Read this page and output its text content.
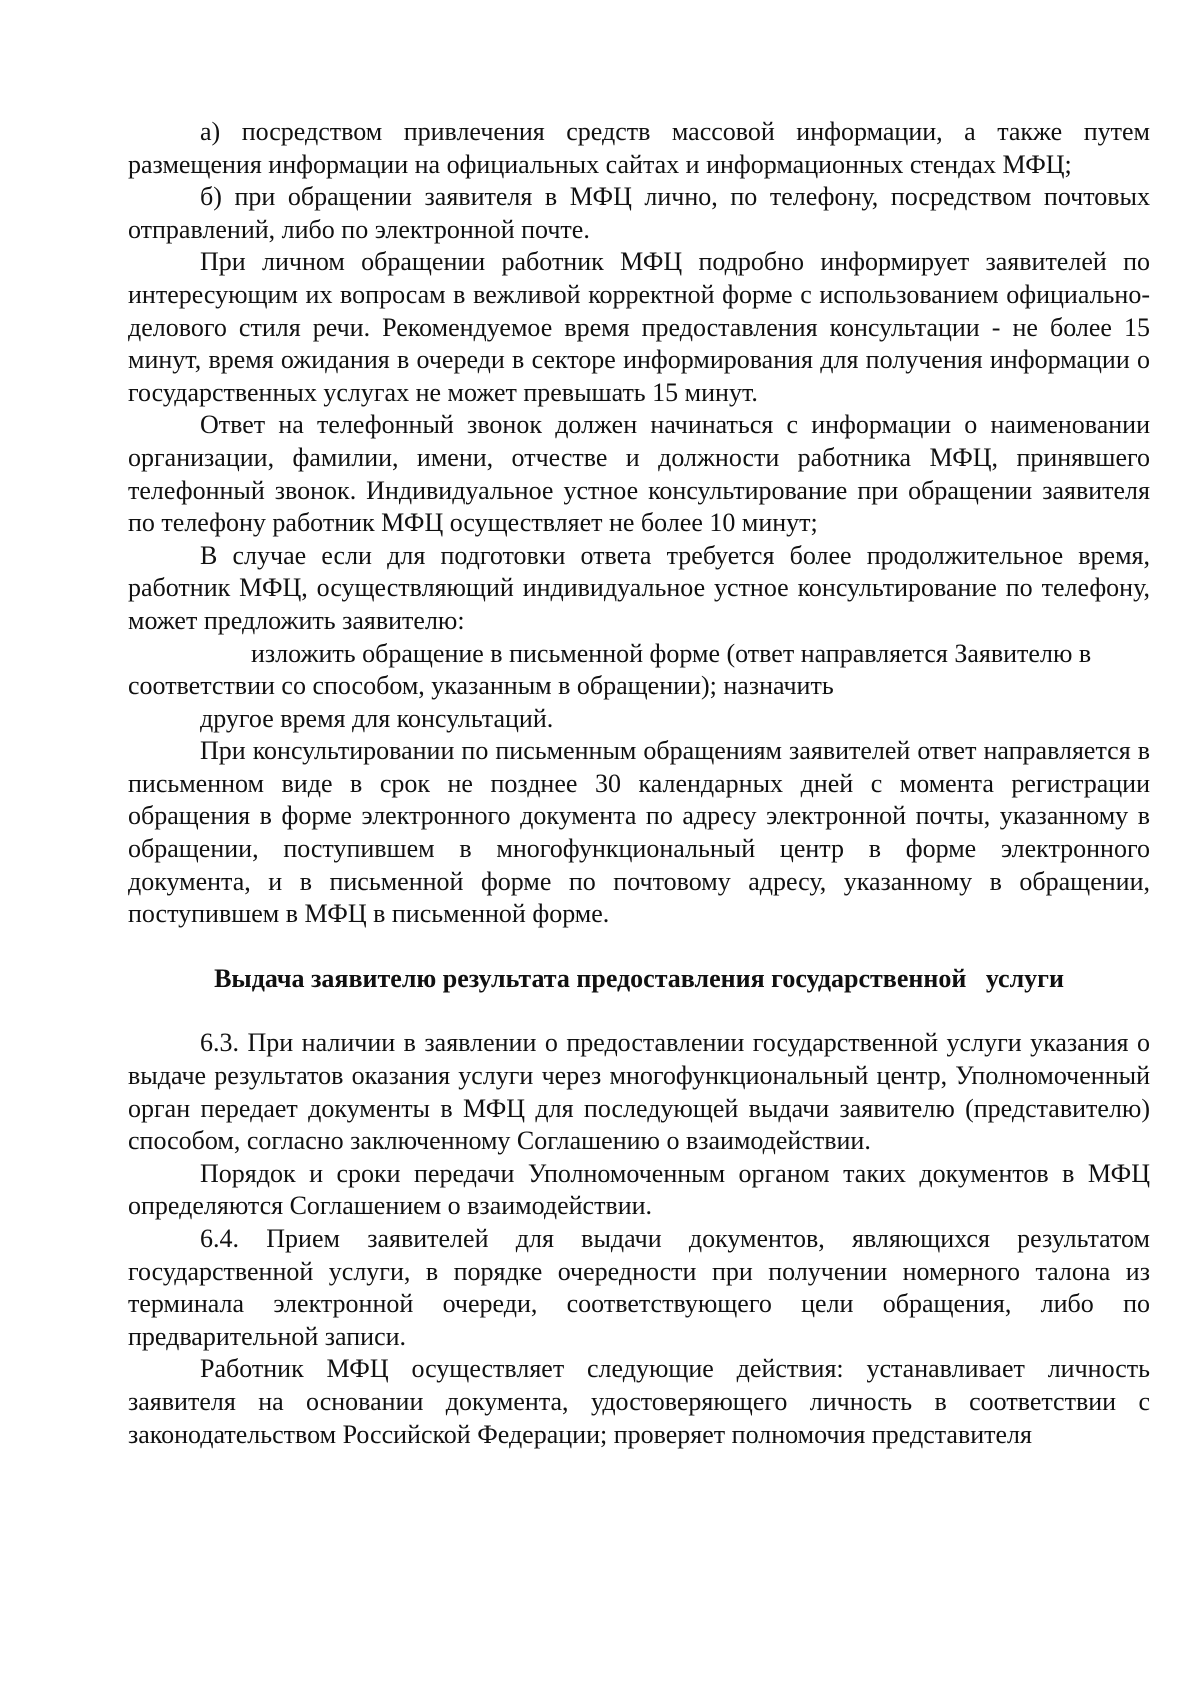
а) посредством привлечения средств массовой информации, а также путем размещения информации на официальных сайтах и информационных стендах МФЦ;

б) при обращении заявителя в МФЦ лично, по телефону, посредством почтовых отправлений, либо по электронной почте.

При личном обращении работник МФЦ подробно информирует заявителей по интересующим их вопросам в вежливой корректной форме с использованием официально-делового стиля речи. Рекомендуемое время предоставления консультации - не более 15 минут, время ожидания в очереди в секторе информирования для получения информации о государственных услугах не может превышать 15 минут.

Ответ на телефонный звонок должен начинаться с информации о наименовании организации, фамилии, имени, отчестве и должности работника МФЦ, принявшего телефонный звонок. Индивидуальное устное консультирование при обращении заявителя по телефону работник МФЦ осуществляет не более 10 минут;

В случае если для подготовки ответа требуется более продолжительное время, работник МФЦ, осуществляющий индивидуальное устное консультирование по телефону, может предложить заявителю:

изложить обращение в письменной форме (ответ направляется Заявителю в соответствии со способом, указанным в обращении); назначить

другое время для консультаций.

При консультировании по письменным обращениям заявителей ответ направляется в письменном виде в срок не позднее 30 календарных дней с момента регистрации обращения в форме электронного документа по адресу электронной почты, указанному в обращении, поступившем в многофункциональный центр в форме электронного документа, и в письменной форме по почтовому адресу, указанному в обращении, поступившем в МФЦ в письменной форме.

Выдача заявителю результата предоставления государственной   услуги

6.3. При наличии в заявлении о предоставлении государственной услуги указания о выдаче результатов оказания услуги через многофункциональный центр, Уполномоченный орган передает документы в МФЦ для последующей выдачи заявителю (представителю) способом, согласно заключенному Соглашению о взаимодействии.

Порядок и сроки передачи Уполномоченным органом таких документов в МФЦ определяются Соглашением о взаимодействии.

6.4. Прием заявителей для выдачи документов, являющихся результатом государственной услуги, в порядке очередности при получении номерного талона из терминала электронной очереди, соответствующего цели обращения, либо по предварительной записи.

Работник МФЦ осуществляет следующие действия: устанавливает личность заявителя на основании документа, удостоверяющего личность в соответствии с законодательством Российской Федерации; проверяет полномочия представителя
